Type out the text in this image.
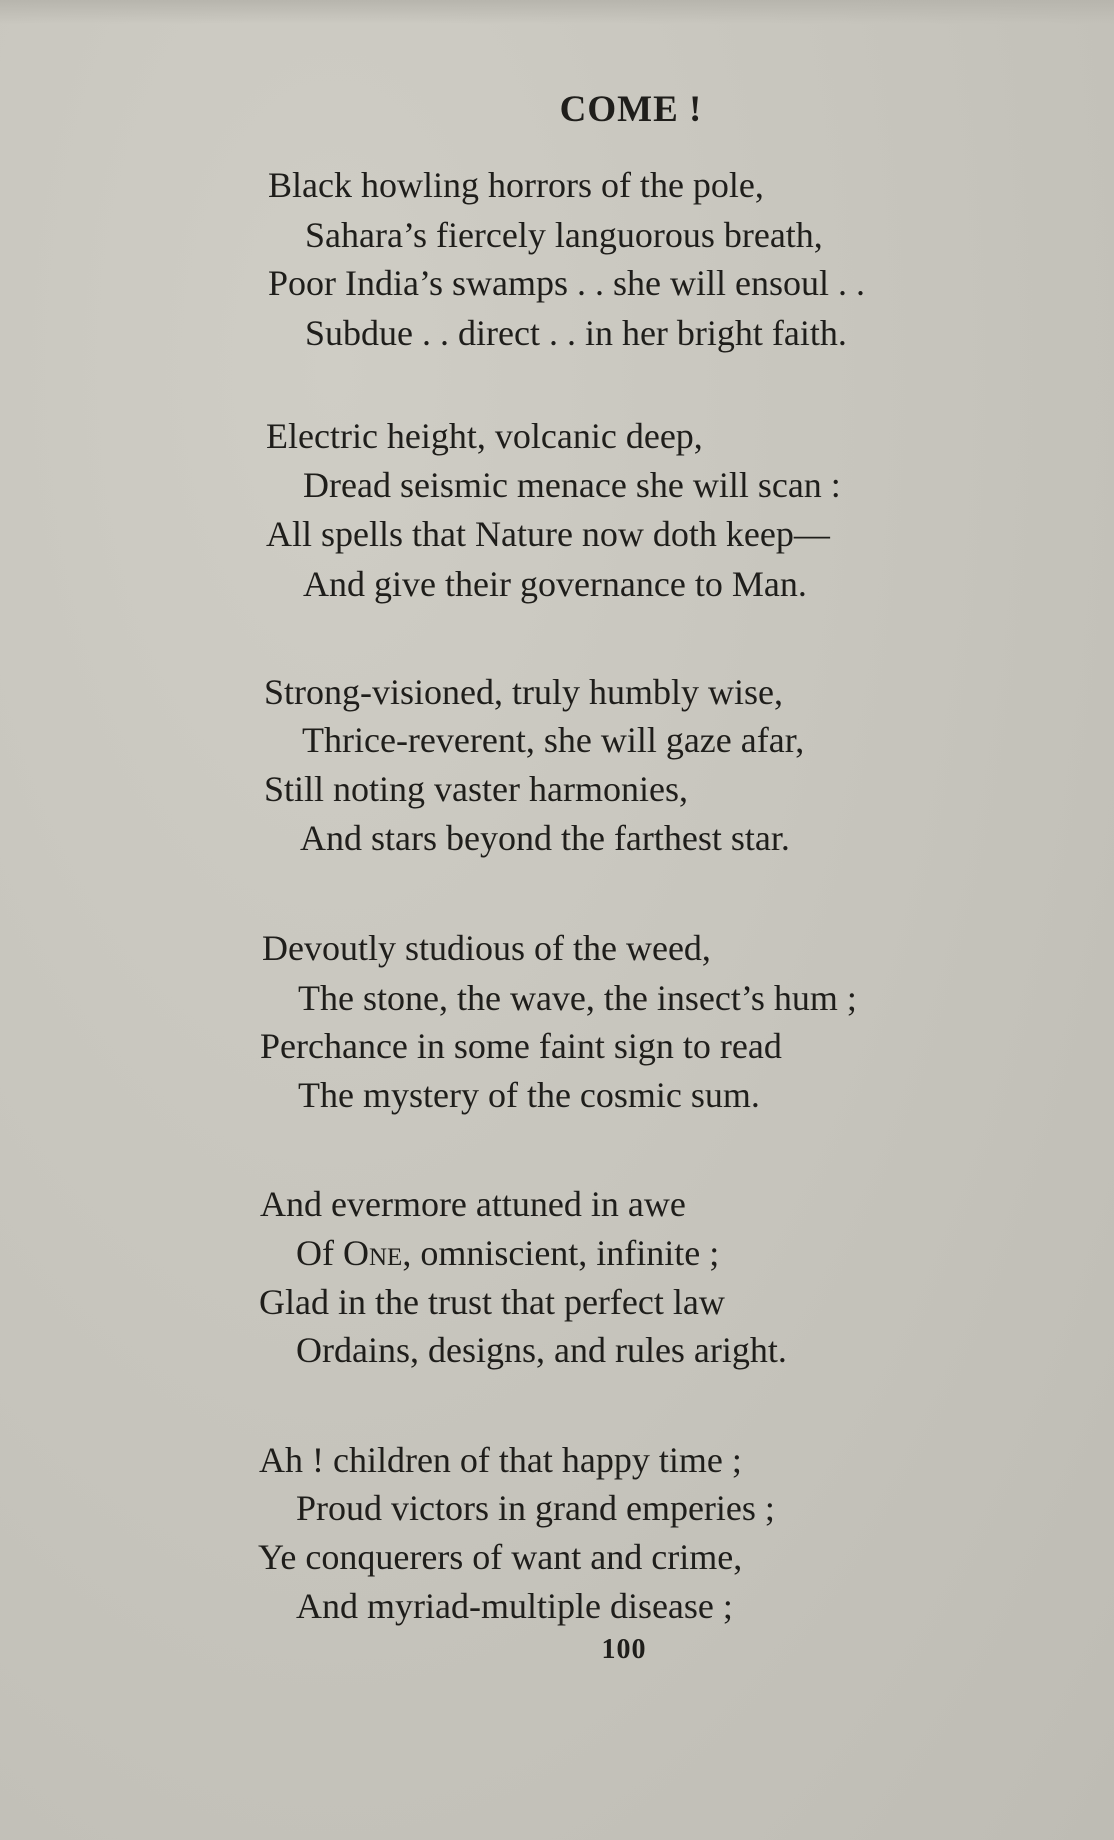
COME !

Black howling horrors of the pole,

Sahara’s fiercely languorous breath,

Poor India’s swamps . . she will ensoul . .

Subdue . . direct . . in her bright faith.

Electric height, volcanic deep,

Dread seismic menace she will scan :

All spells that Nature now doth keep—

And give their governance to Man.

Strong-visioned, truly humbly wise,

Thrice-reverent, she will gaze afar,

Still noting vaster harmonies,

And stars beyond the farthest star.

Devoutly studious of the weed,

The stone, the wave, the insect’s hum ;

Perchance in some faint sign to read

The mystery of the cosmic sum.

And evermore attuned in awe

Of One, omniscient, infinite ;

Glad in the trust that perfect law

Ordains, designs, and rules aright.

Ah ! children of that happy time ;

Proud victors in grand emperies ;

Ye conquerers of want and crime,

And myriad-multiple disease ;

100
